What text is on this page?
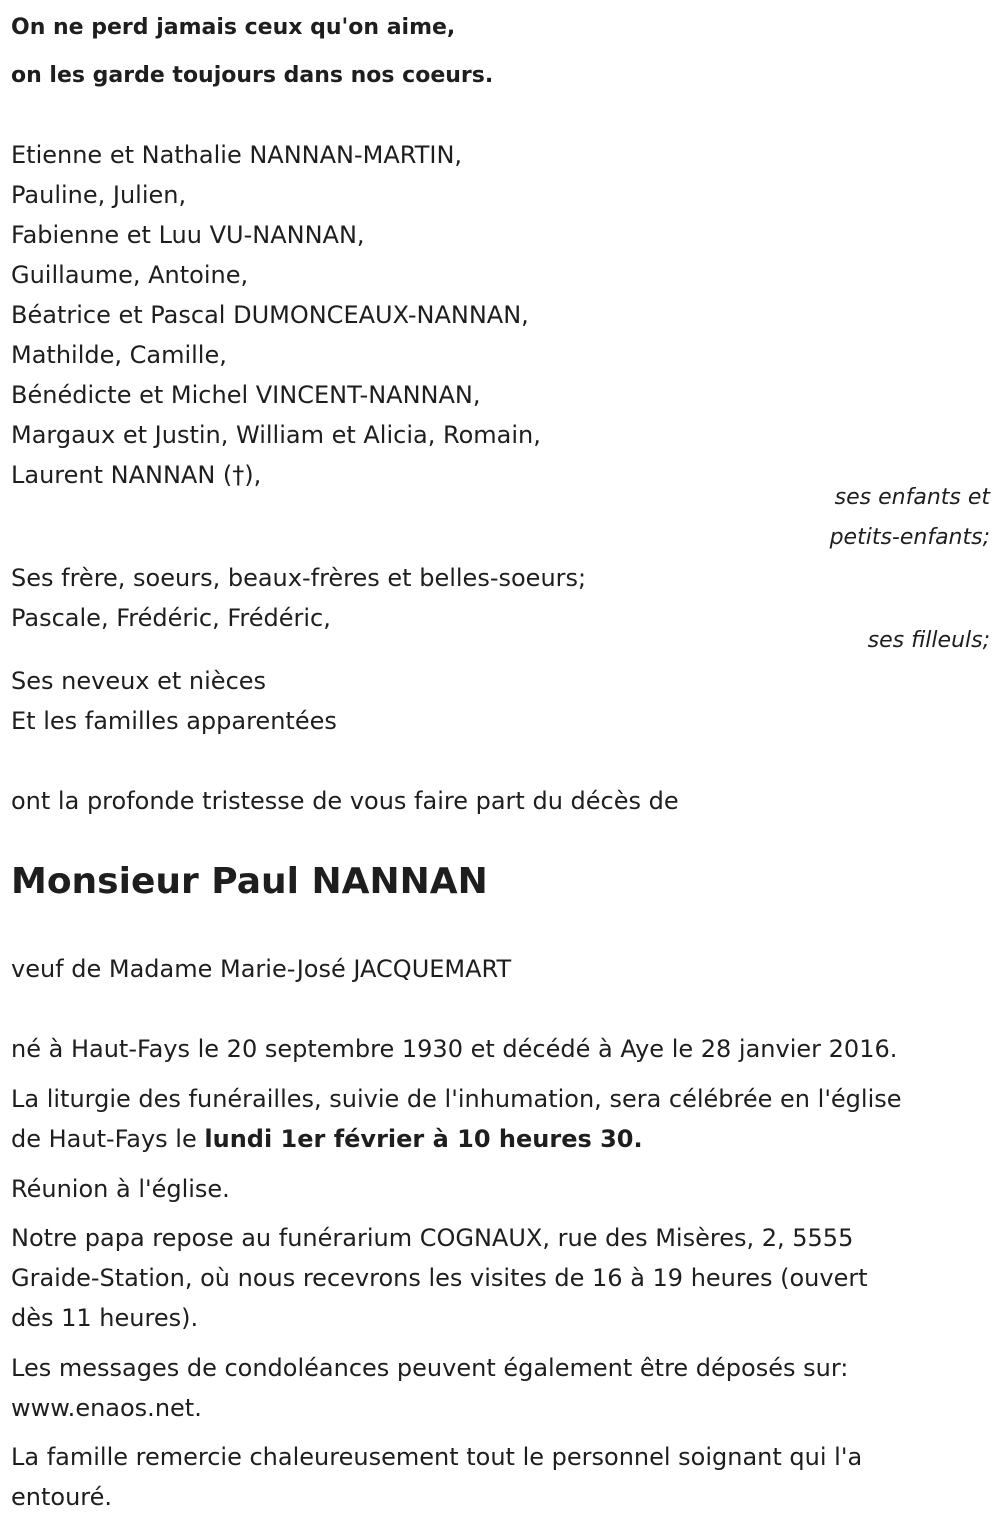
On ne perd jamais ceux qu'on aime,
on les garde toujours dans nos coeurs.
Etienne et Nathalie NANNAN-MARTIN,
Pauline, Julien,
Fabienne et Luu VU-NANNAN,
Guillaume, Antoine,
Béatrice et Pascal DUMONCEAUX-NANNAN,
Mathilde, Camille,
Bénédicte et Michel VINCENT-NANNAN,
Margaux et Justin, William et Alicia, Romain,
Laurent NANNAN (†),
ses enfants et
petits-enfants;
Ses frère, soeurs, beaux-frères et belles-soeurs;
Pascale, Frédéric, Frédéric,
ses filleuls;
Ses neveux et nièces
Et les familles apparentées
ont la profonde tristesse de vous faire part du décès de
Monsieur Paul NANNAN
veuf de Madame Marie-José JACQUEMART
né à Haut-Fays le 20 septembre 1930 et décédé à Aye le 28 janvier 2016.
La liturgie des funérailles, suivie de l'inhumation, sera célébrée en l'église
de Haut-Fays le lundi 1er février à 10 heures 30.
Réunion à l'église.
Notre papa repose au funérarium COGNAUX, rue des Misères, 2, 5555
Graide-Station, où nous recevrons les visites de 16 à 19 heures (ouvert
dès 11 heures).
Les messages de condoléances peuvent également être déposés sur:
www.enaos.net.
La famille remercie chaleureusement tout le personnel soignant qui l'a
entouré.
